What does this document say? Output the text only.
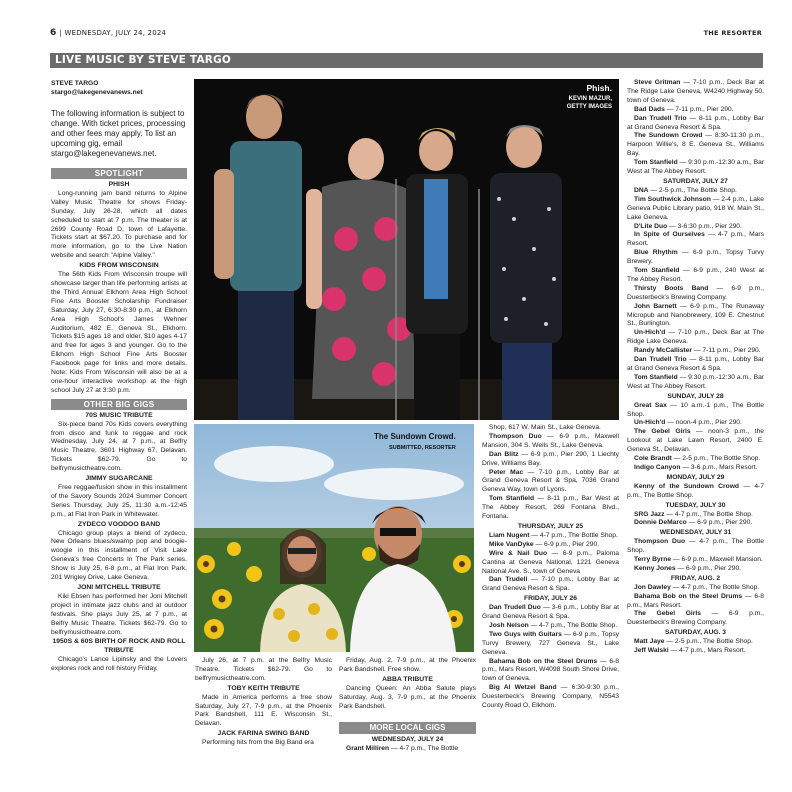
6 | WEDNESDAY, JULY 24, 2024	THE RESORTER
LIVE MUSIC BY STEVE TARGO
STEVE TARGO
stargo@lakegenevanews.net
The following information is subject to change. With ticket prices, processing and other fees may apply. To list an upcoming gig, email stargo@lakegenevanews.net.
SPOTLIGHT
PHISH

Long-running jam band returns to Alpine Valley Music Theatre for shows Friday-Sunday, July 26-28, which all dates scheduled to start at 7 p.m. The theater is at 2699 County Road D, town of Lafayette. Tickets start at $67.20. To purchase and for more information, go to the Live Nation website and search "Alpine Valley."

KIDS FROM WISCONSIN

The 56th Kids From Wisconsin troupe will showcase larger than life performing artists at the Third Annual Elkhorn Area High School Fine Arts Booster Scholarship Fundraiser Saturday, July 27, 6:30-8:30 p.m., at Elkhorn Area High School's James Wehner Auditorium, 482 E. Geneva St., Elkhorn. Tickets $15 ages 18 and older, $10 ages 4-17 and free for ages 3 and younger. Go to the Elkhorn High School Fine Arts Booster Facebook page for links and more details. Note: Kids From Wisconsin will also be at a one-hour interactive workshop at the high school July 27 at 3:30 p.m.

OTHER BIG GIGS
70S MUSIC TRIBUTE

Six-piece band 70s Kids covers everything from disco and funk to reggae and rock Wednesday, July 24, at 7 p.m., at Belfry Music Theatre, 3601 Highway 67, Delavan. Tickets $62-79. Go to belfrymusictheatre.com.

JIMMY SUGARCANE

Free reggae/fusion show in this installment of the Savory Sounds 2024 Summer Concert Series Thursday, July 25, 11:30 a.m.-12:45 p.m., at Flat Iron Park in Whitewater.

ZYDECO VOODOO BAND

Chicago group plays a blend of zydeco, New Orleans blues/swamp pop and boogie-woogie in this installment of Visit Lake Geneva's free Concerts In The Park series. Show is July 25, 6-8 p.m., at Flat Iron Park, 201 Wrigley Drive, Lake Geneva.

JONI MITCHELL TRIBUTE

Kiki Ebsen has performed her Joni Mitchell project in intimate jazz clubs and at outdoor festivals. She plays July 25, at 7 p.m., at Belfry Music Theatre. Tickets $62-79. Go to belfrymusictheatre.com.

1950S & 60S BIRTH OF ROCK AND ROLL TRIBUTE

Chicago's Lance Lipinsky and the Lovers explores rock and roll history Friday,

Phish.
KEVIN MAZUR,
GETTY IMAGES
The Sundown Crowd.
SUBMITTED, RESORTER

July 26, at 7 p.m. at the Belfry Music Theatre. Tickets $62-79. Go to belfrymusictheatre.com.

TOBY KEITH TRIBUTE

Made in America performs a free show Saturday, July 27, 7-9 p.m., at the Phoenix Park Bandshell, 111 E. Wisconsin St., Delavan.

JACK FARINA SWING BAND

Performing hits from the Big Band era

Friday, Aug. 2, 7-9 p.m., at the Phoenix Park Bandshell. Free show.

ABBA TRIBUTE

Dancing Queen: An Abba Salute plays Saturday, Aug. 3, 7-9 p.m., at the Phoenix Park Bandshell.

MORE LOCAL GIGS
WEDNESDAY, JULY 24

Grant Milliren — 4-7 p.m., The Bottle

Shop, 617 W. Main St., Lake Geneva.

Thompson Duo — 6-9 p.m., Maxwell Mansion, 304 S. Wells St., Lake Geneva.

Dan Blitz — 6-9 p.m., Pier 290, 1 Liechty Drive, Williams Bay.

Peter Mac — 7-10 p.m., Lobby Bar at Grand Geneva Resort & Spa, 7036 Grand Geneva Way, town of Lyons.

Tom Stanfield — 8-11 p.m., Bar West at The Abbey Resort, 269 Fontana Blvd., Fontana.

THURSDAY, JULY 25

Liam Nugent — 4-7 p.m., The Bottle Shop.

Mike VanDyke — 6-9 p.m., Pier 290.

Wire & Nail Duo — 6-9 p.m., Paloma Cantina at Geneva National, 1221 Geneva National Ave. S., town of Geneva

Dan Trudell — 7-10 p.m., Lobby Bar at Grand Geneva Resort & Spa.

FRIDAY, JULY 26

Dan Trudell Duo — 3-6 p.m., Lobby Bar at Grand Geneva Resort & Spa.

Josh Nelson — 4-7 p.m., The Bottle Shop.

Two Guys with Guitars — 6-9 p.m., Topsy Turvy Brewery, 727 Geneva St., Lake Geneva.

Bahama Bob on the Steel Drums — 6-8 p.m., Mars Resort, W4098 South Shore Drive, town of Geneva.

Big Al Wetzel Band — 6:30-9:30 p.m., Duesterbeck's Brewing Company, N5543 County Road O, Elkhorn.

Steve Gritman — 7-10 p.m., Deck Bar at The Ridge Lake Geneva, W4240 Highway 50, town of Geneva.

Bad Dads — 7-11 p.m., Pier 290.

Dan Trudell Trio — 8-11 p.m., Lobby Bar at Grand Geneva Resort & Spa.

The Sundown Crowd — 8:30-11:30 p.m., Harpoon Willie's, 8 E. Geneva St., Williams Bay.

Tom Stanfield — 9:30 p.m.-12:30 a.m., Bar West at The Abbey Resort.

SATURDAY, JULY 27

DNA — 2-5 p.m., The Bottle Shop.

Tim Southwick Johnson — 2-4 p.m., Lake Geneva Public Library patio, 918 W. Main St., Lake Geneva.

D'Lite Duo — 3-6:30 p.m., Pier 290.

In Spite of Ourselves — 4-7 p.m., Mars Resort.

Blue Rhythm — 6-9 p.m., Topsy Turvy Brewery.

Tom Stanfield — 6-9 p.m., 240 West at The Abbey Resort.

Thirsty Boots Band — 6-9 p.m., Duesterbeck's Brewing Company.

John Barnett — 6-9 p.m., The Runaway Micropub and Nanobrewery, 109 E. Chestnut St., Burlington.

Un-Hich'd — 7-10 p.m., Deck Bar at The Ridge Lake Geneva.

Randy McCallister — 7-11 p.m., Pier 290.

Dan Trudell Trio — 8-11 p.m., Lobby Bar at Grand Geneva Resort & Spa.

Tom Stanfield — 9:30 p.m.-12:30 a.m., Bar West at The Abbey Resort.

SUNDAY, JULY 28

Great Sax — 10 a.m.-1 p.m., The Bottle Shop.

Un-Hich'd — noon-4 p.m., Pier 290.

The Gebel Girls — noon-3 p.m., the Lookout at Lake Lawn Resort, 2400 E. Geneva St., Delavan.

Cole Brandt — 2-5 p.m., The Bottle Shop.

Indigo Canyon — 3-6 p.m., Mars Resort.

MONDAY, JULY 29

Kenny of the Sundown Crowd — 4-7 p.m., The Bottle Shop.

TUESDAY, JULY 30

SRG Jazz — 4-7 p.m., The Bottle Shop.

Donnie DeMarco — 6-9 p.m., Pier 290.

WEDNESDAY, JULY 31

Thompson Duo — 4-7 p.m., The Bottle Shop.

Terry Byrne — 6-9 p.m., Maxwell Mansion.

Kenny Jones — 6-9 p.m., Pier 290.

FRIDAY, AUG. 2

Jon Dawley — 4-7 p.m., The Bottle Shop.

Bahama Bob on the Steel Drums — 6-8 p.m., Mars Resort.

The Gebel Girls — 6-9 p.m., Duesterbeck's Brewing Company.

SATURDAY, AUG. 3

Matt Jaye — 2-5 p.m., The Bottle Shop.

Jeff Walski — 4-7 p.m., Mars Resort.
